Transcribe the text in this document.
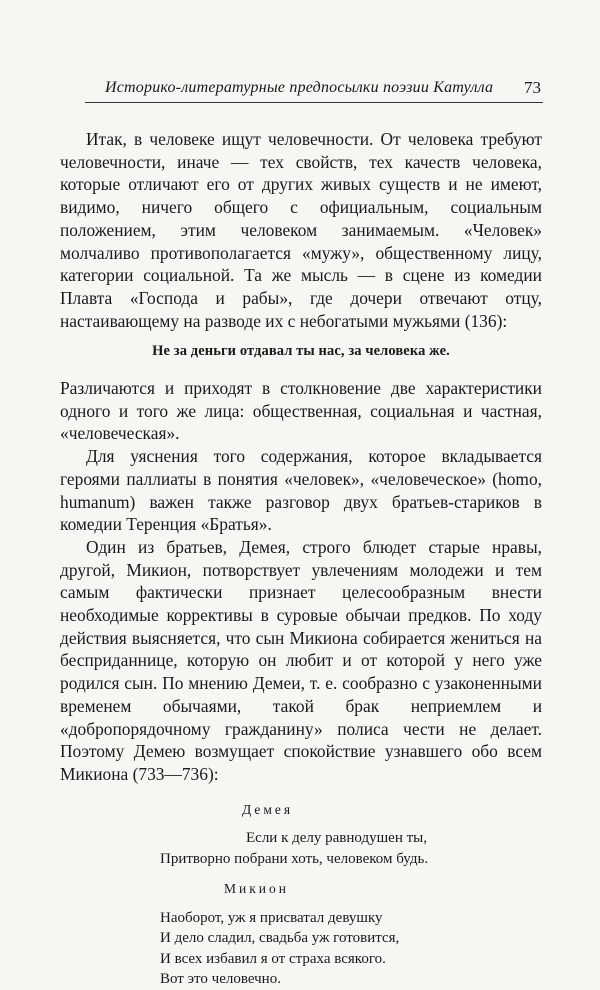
Историко-литературные предпосылки поэзии Катулла 73

Итак, в человеке ищут человечности. От человека требуют человечности, иначе — тех свойств, тех качеств человека, которые отличают его от других живых существ и не имеют, видимо, ничего общего с официальным, социальным положением, этим человеком занимаемым. «Человек» молчаливо противополагается «мужу», общественному лицу, категории социальной. Та же мысль — в сцене из комедии Плавта «Господа и рабы», где дочери отвечают отцу, настаивающему на разводе их с небогатыми мужьями (136):

Не за деньги отдавал ты нас, за человека же.

Различаются и приходят в столкновение две характеристики одного и того же лица: общественная, социальная и частная, «человеческая».

Для уяснения того содержания, которое вкладывается героями паллиаты в понятия «человек», «человеческое» (homo, humanum) важен также разговор двух братьев-стариков в комедии Теренция «Братья».

Один из братьев, Демея, строго блюдет старые нравы, другой, Микион, потворствует увлечениям молодежи и тем самым фактически признает целесообразным внести необходимые коррективы в суровые обычаи предков. По ходу действия выясняется, что сын Микиона собирается жениться на бесприданнице, которую он любит и от которой у него уже родился сын. По мнению Демеи, т. е. сообразно с узаконенными временем обычаями, такой брак неприемлем и «добропорядочному гражданину» полиса чести не делает. Поэтому Демею возмущает спокойствие узнавшего обо всем Микиона (733—736):

Демея
Если к делу равнодушен ты,
Притворно побрани хоть, человеком будь.
Микион
Наоборот, уж я присватал девушку
И дело сладил, свадьба уж готовится,
И всех избавил я от страха всякого.
Вот это человечно.
